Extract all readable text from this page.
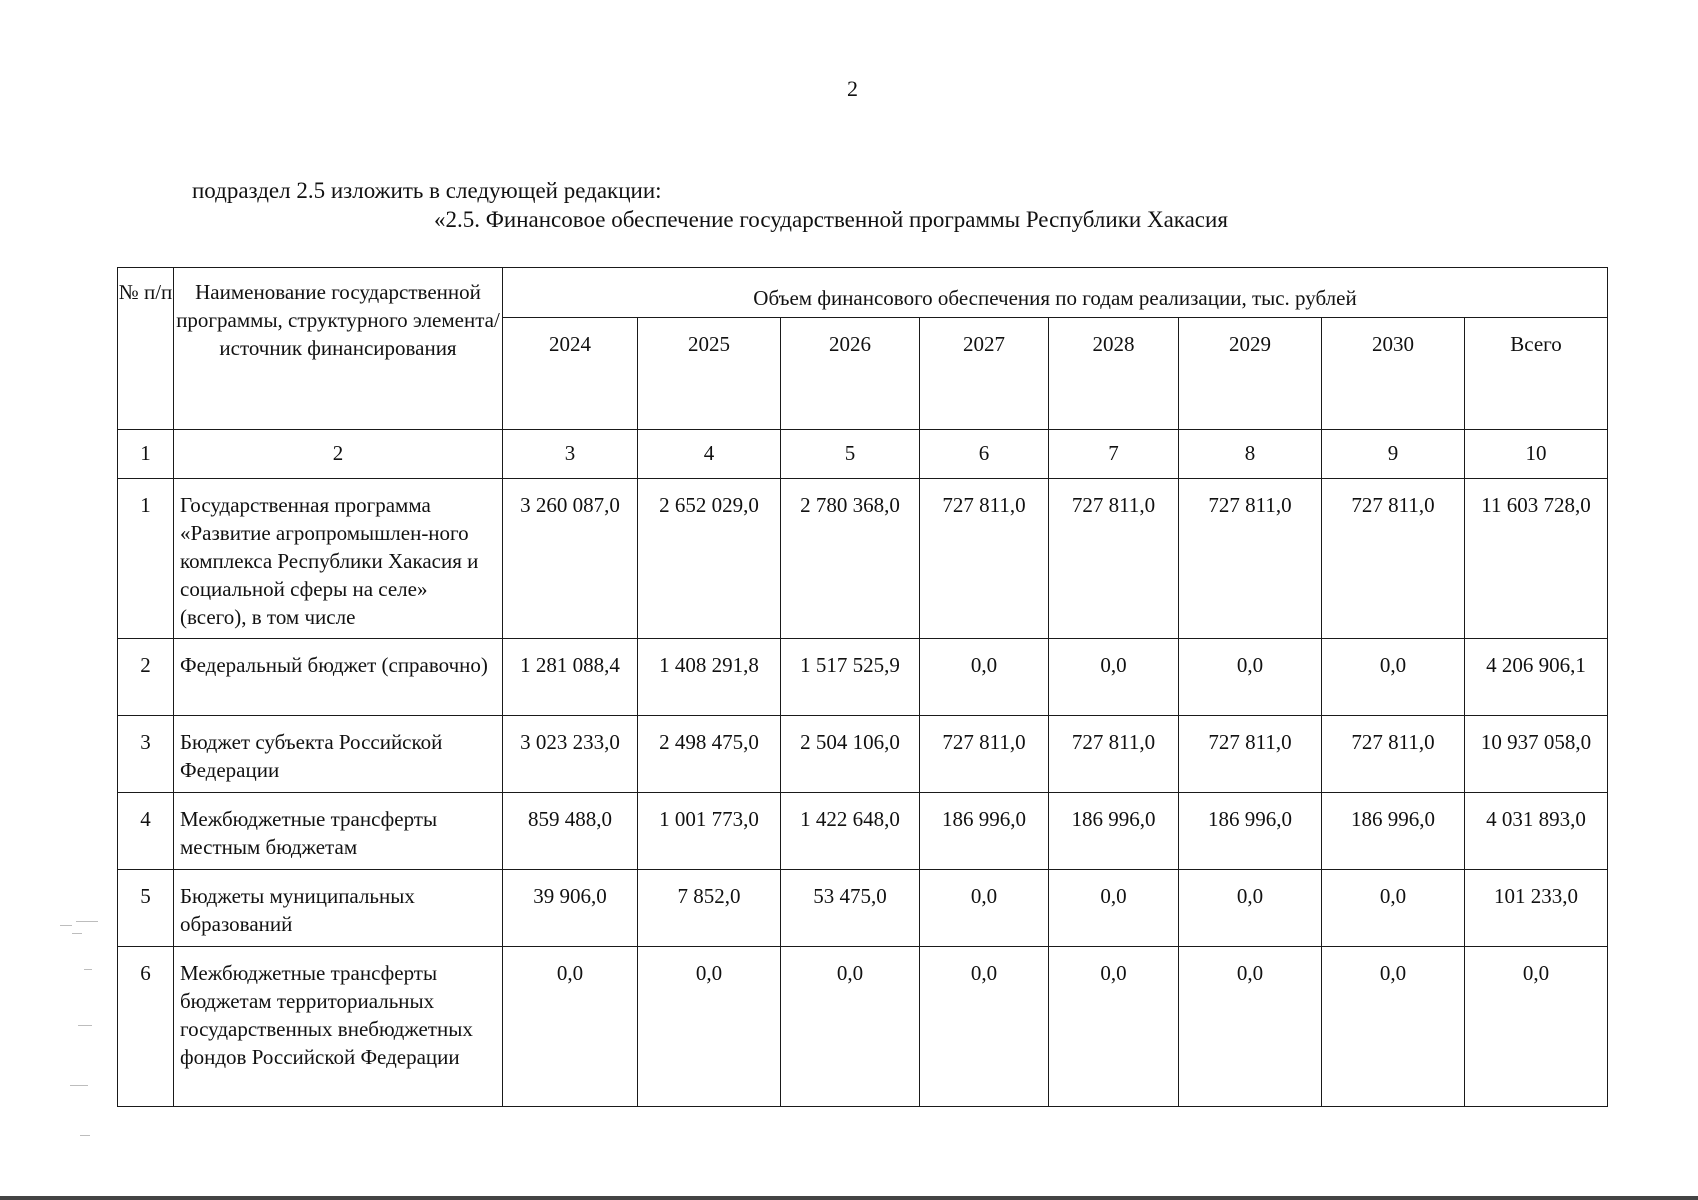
2
подраздел 2.5 изложить в следующей редакции:
«2.5. Финансовое обеспечение государственной программы Республики Хакасия
№ п/п	Наименование государственной программы, структурного элемента/источник финансирования	Объем финансового обеспечения по годам реализации, тыс. рублей							
		2024	2025	2026	2027	2028	2029	2030	Всего
1	2	3	4	5	6	7	8	9	10
1	Государственная программа «Развитие агропромышлен-ного комплекса Республики Хакасия и социальной сферы на селе» (всего), в том числе	3 260 087,0	2 652 029,0	2 780 368,0	727 811,0	727 811,0	727 811,0	727 811,0	11 603 728,0
2	Федеральный бюджет (справочно)	1 281 088,4	1 408 291,8	1 517 525,9	0,0	0,0	0,0	0,0	4 206 906,1
3	Бюджет субъекта Российской Федерации	3 023 233,0	2 498 475,0	2 504 106,0	727 811,0	727 811,0	727 811,0	727 811,0	10 937 058,0
4	Межбюджетные трансферты местным бюджетам	859 488,0	1 001 773,0	1 422 648,0	186 996,0	186 996,0	186 996,0	186 996,0	4 031 893,0
5	Бюджеты муниципальных образований	39 906,0	7 852,0	53 475,0	0,0	0,0	0,0	0,0	101 233,0
6	Межбюджетные трансферты бюджетам территориальных государственных внебюджетных фондов Российской Федерации	0,0	0,0	0,0	0,0	0,0	0,0	0,0	0,0
